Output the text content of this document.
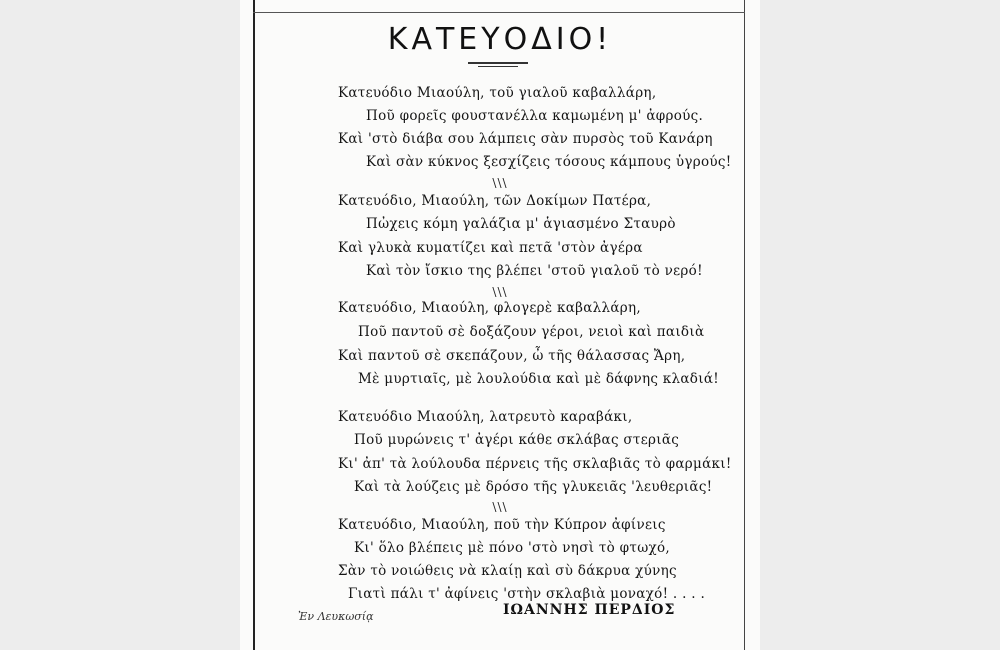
ΚΑΤΕΥΟΔΙΟ!
Κατευόδιο Μιαούλη, τοῦ γιαλοῦ καβαλλάρη,
Ποῦ φορεῖς φουστανέλλα καμωμένη μ' ἀφρούς.
Καὶ 'στὸ διάβα σου λάμπεις σὰν πυρσὸς τοῦ Κανάρη
Καὶ σὰν κύκνος ξεσχίζεις τόσους κάμπους ὑγρούς!
\\\
Κατευόδιο, Μιαούλη, τῶν Δοκίμων Πατέρα,
Πὠχεις κόμη γαλάζια μ' ἁγιασμένο Σταυρὸ
Καὶ γλυκὰ κυματίζει καὶ πετᾶ 'στὸν ἀγέρα
Καὶ τὸν ἴσκιο της βλέπει 'στοῦ γιαλοῦ τὸ νερό!
\\\
Κατευόδιο, Μιαούλη, φλογερὲ καβαλλάρη,
Ποῦ παντοῦ σὲ δοξάζουν γέροι, νειοὶ καὶ παιδιὰ
Καὶ παντοῦ σὲ σκεπάζουν, ὦ τῆς θάλασσας Ἄρη,
Μὲ μυρτιαῖς, μὲ λουλούδια καὶ μὲ δάφνης κλαδιά!
Κατευόδιο Μιαούλη, λατρευτὸ καραβάκι,
Ποῦ μυρώνεις τ' ἀγέρι κάθε σκλάβας στεριᾶς
Κι' ἀπ' τὰ λούλουδα πέρνεις τῆς σκλαβιᾶς τὸ φαρμάκι!
Καὶ τὰ λούζεις μὲ δρόσο τῆς γλυκειᾶς 'λευθεριᾶς!
\\\
Κατευόδιο, Μιαούλη, ποῦ τὴν Κύπρον ἀφίνεις
Κι' ὅλο βλέπεις μὲ πόνο 'στὸ νησὶ τὸ φτωχό,
Σὰν τὸ νοιώθεις νὰ κλαίῃ καὶ σὺ δάκρυα χύνης
Γιατὶ πάλι τ' ἀφίνεις 'στὴν σκλαβιὰ μοναχό! . . . .
Ἐν Λευκωσίᾳ	ΙΩΑΝΝΗΣ ΠΕΡΔΙΟΣ
